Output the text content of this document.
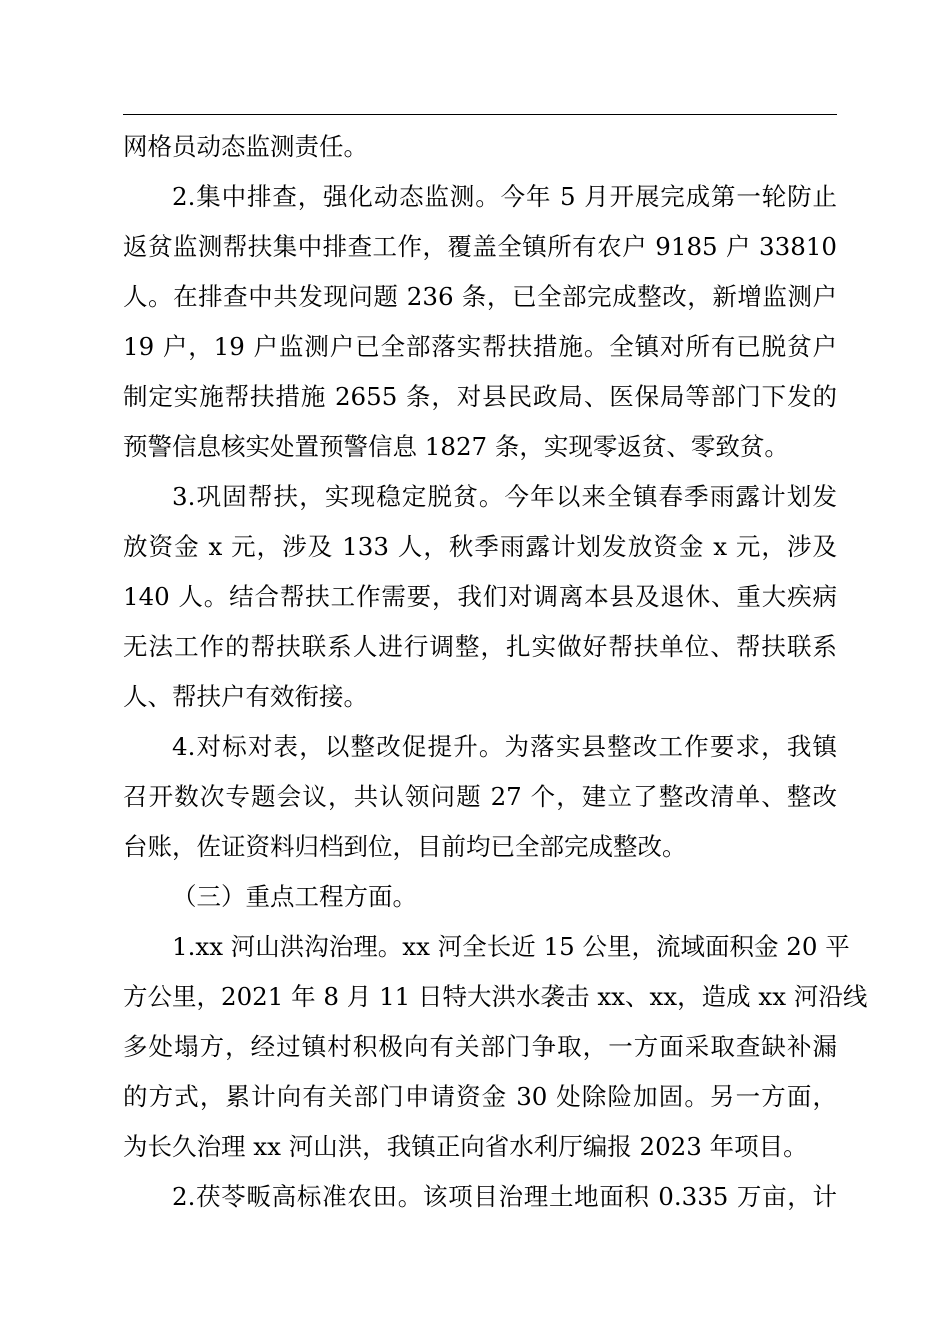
网格员动态监测责任。
2.集中排查，强化动态监测。今年 5 月开展完成第一轮防止
返贫监测帮扶集中排查工作，覆盖全镇所有农户 9185 户 33810
人。在排查中共发现问题 236 条，已全部完成整改，新增监测户
19 户，19 户监测户已全部落实帮扶措施。全镇对所有已脱贫户
制定实施帮扶措施 2655 条，对县民政局、医保局等部门下发的
预警信息核实处置预警信息 1827 条，实现零返贫、零致贫。
3.巩固帮扶，实现稳定脱贫。今年以来全镇春季雨露计划发
放资金 x 元，涉及 133 人，秋季雨露计划发放资金 x 元，涉及
140 人。结合帮扶工作需要，我们对调离本县及退休、重大疾病
无法工作的帮扶联系人进行调整，扎实做好帮扶单位、帮扶联系
人、帮扶户有效衔接。
4.对标对表，以整改促提升。为落实县整改工作要求，我镇
召开数次专题会议，共认领问题 27 个，建立了整改清单、整改
台账，佐证资料归档到位，目前均已全部完成整改。
（三）重点工程方面。
1.xx 河山洪沟治理。xx 河全长近 15 公里，流域面积金 20 平
方公里，2021 年 8 月 11 日特大洪水袭击 xx、xx，造成 xx 河沿线
多处塌方，经过镇村积极向有关部门争取，一方面采取查缺补漏
的方式，累计向有关部门申请资金 30 处除险加固。另一方面，
为长久治理 xx 河山洪，我镇正向省水利厅编报 2023 年项目。
2.茯苓畈高标准农田。该项目治理土地面积 0.335 万亩，计
